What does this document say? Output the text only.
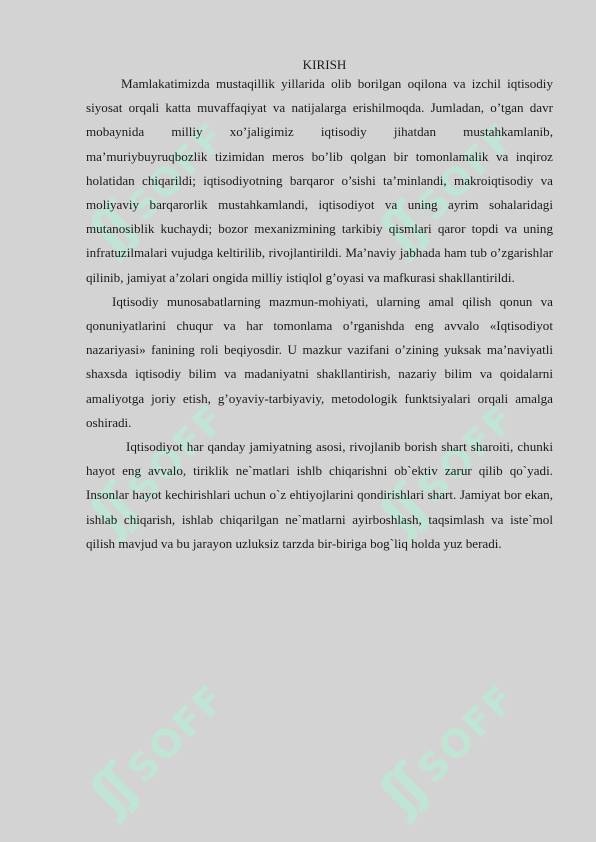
ʃʃSOFF ʃʃSOFF
ʃʃSOFF ʃʃSOFF
ʃʃSOFF ʃʃSOFF

KIRISH

Mamlakatimizda mustaqillik yillarida olib borilgan oqilona va izchil iqtisodiy siyosat orqali katta muvaffaqiyat va natijalarga erishilmoqda. Jumladan, o’tgan davr mobaynida milliy xo’jaligimiz iqtisodiy jihatdan mustahkamlanib, ma’muriybuyruqbozlik tizimidan meros bo’lib qolgan bir tomonlamalik va inqiroz holatidan chiqarildi; iqtisodiyotning barqaror o’sishi ta’minlandi, makroiqtisodiy va moliyaviy barqarorlik mustahkamlandi, iqtisodiyot va uning ayrim sohalaridagi mutanosiblik kuchaydi; bozor mexanizmining tarkibiy qismlari qaror topdi va uning infratuzilmalari vujudga keltirilib, rivojlantirildi. Ma’naviy jabhada ham tub o’zgarishlar qilinib, jamiyat a’zolari ongida milliy istiqlol g’oyasi va mafkurasi shakllantirildi.

Iqtisodiy munosabatlarning mazmun-mohiyati, ularning amal qilish qonun va qonuniyatlarini chuqur va har tomonlama o’rganishda eng avvalo «Iqtisodiyot nazariyasi» fanining roli beqiyosdir. U mazkur vazifani o’zining yuksak ma’naviyatli shaxsda iqtisodiy bilim va madaniyatni shakllantirish, nazariy bilim va qoidalarni amaliyotga joriy etish, g’oyaviy-tarbiyaviy, metodologik funktsiyalari orqali amalga oshiradi.

Iqtisodiyot har qanday jamiyatning asosi, rivojlanib borish shart sharoiti, chunki hayot eng avvalo, tiriklik ne`matlari ishlb chiqarishni ob`ektiv zarur qilib qo`yadi. Insonlar hayot kechirishlari uchun o`z ehtiyojlarini qondirishlari shart. Jamiyat bor ekan, ishlab chiqarish, ishlab chiqarilgan ne`matlarni ayirboshlash, taqsimlash va iste`mol qilish mavjud va bu jarayon uzluksiz tarzda bir-biriga bog`liq holda yuz beradi.
